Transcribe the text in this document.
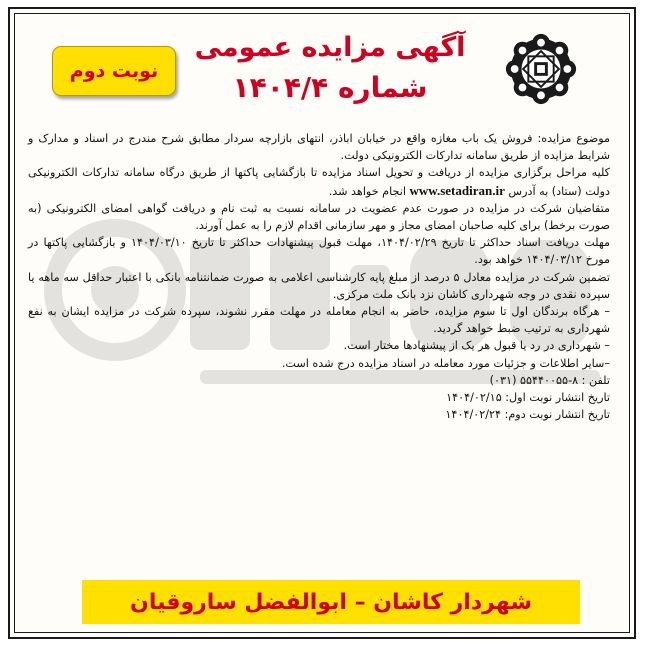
نوبت دوم
آگهی مزایده عمومی
شماره ۱۴۰۴/۴

موضوع مزایده: فروش یک باب مغازه واقع در خیابان اباذر، انتهای بازارچه سردار مطابق شرح مندرج در اسناد و مدارک و شرایط مزایده از طریق سامانه تدارکات الکترونیکی دولت.

کلیه مراحل برگزاری مزایده از دریافت و تحویل اسناد مزایده تا بازگشایی پاکتها از طریق درگاه سامانه تدارکات الکترونیکی دولت (ستاد) به آدرس www.setadiran.ir انجام خواهد شد.

متقاضیان شرکت در مزایده در صورت عدم عضویت در سامانه نسبت به ثبت نام و دریافت گواهی امضای الکترونیکی (به صورت برخط) برای کلیه صاحبان امضای مجاز و مهر سازمانی اقدام لازم را به عمل آورند.

مهلت دریافت اسناد حداکثر تا تاریخ ۱۴۰۴/۰۲/۲۹، مهلت قبول پیشنهادات حداکثر تا تاریخ ۱۴۰۴/۰۳/۱۰ و بازگشایی پاکتها در مورخ ۱۴۰۴/۰۳/۱۲ خواهد بود.

تضمین شرکت در مزایده معادل ۵ درصد از مبلغ پایه کارشناسی اعلامی به صورت ضمانتنامه بانکی با اعتبار حداقل سه ماهه یا سپرده نقدی در وجه شهرداری کاشان نزد بانک ملت مرکزی.

– هرگاه برندگان اول تا سوم مزایده، حاضر به انجام معامله در مهلت مقرر نشوند، سپرده شرکت در مزایده ایشان به نفع شهرداری به ترتیب ضبط خواهد گردید.

– شهرداری در رد یا قبول هر یک از پیشنهادها مختار است.

–سایر اطلاعات و جزئیات مورد معامله در اسناد مزایده درج شده است.

تلفن : ۸-۵۵۴۴۰۰۵۵ (۰۳۱)

تاریخ انتشار نوبت اول: ۱۴۰۴/۰۲/۱۵

تاریخ انتشار نوبت دوم: ۱۴۰۴/۰۲/۲۴

شهردار کاشان – ابوالفضل ساروقیان
